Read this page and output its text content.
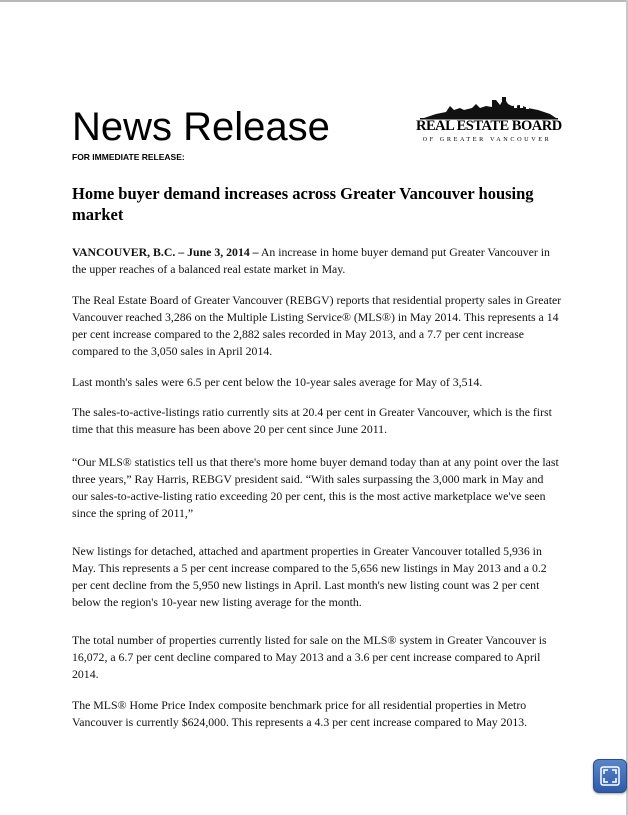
News Release
FOR IMMEDIATE RELEASE:
REAL ESTATE BOARD
OF GREATER VANCOUVER
Home buyer demand increases across Greater Vancouver housing market

VANCOUVER, B.C. – June 3, 2014 – An increase in home buyer demand put Greater Vancouver in the upper reaches of a balanced real estate market in May.

The Real Estate Board of Greater Vancouver (REBGV) reports that residential property sales in Greater Vancouver reached 3,286 on the Multiple Listing Service® (MLS®) in May 2014. This represents a 14 per cent increase compared to the 2,882 sales recorded in May 2013, and a 7.7 per cent increase compared to the 3,050 sales in April 2014.

Last month's sales were 6.5 per cent below the 10-year sales average for May of 3,514.

The sales-to-active-listings ratio currently sits at 20.4 per cent in Greater Vancouver, which is the first time that this measure has been above 20 per cent since June 2011.

“Our MLS® statistics tell us that there's more home buyer demand today than at any point over the last three years,” Ray Harris, REBGV president said. “With sales surpassing the 3,000 mark in May and our sales-to-active-listing ratio exceeding 20 per cent, this is the most active marketplace we've seen since the spring of 2011,”

New listings for detached, attached and apartment properties in Greater Vancouver totalled 5,936 in May. This represents a 5 per cent increase compared to the 5,656 new listings in May 2013 and a 0.2 per cent decline from the 5,950 new listings in April. Last month's new listing count was 2 per cent below the region's 10-year new listing average for the month.

The total number of properties currently listed for sale on the MLS® system in Greater Vancouver is 16,072, a 6.7 per cent decline compared to May 2013 and a 3.6 per cent increase compared to April 2014.

The MLS® Home Price Index composite benchmark price for all residential properties in Metro Vancouver is currently $624,000. This represents a 4.3 per cent increase compared to May 2013.
